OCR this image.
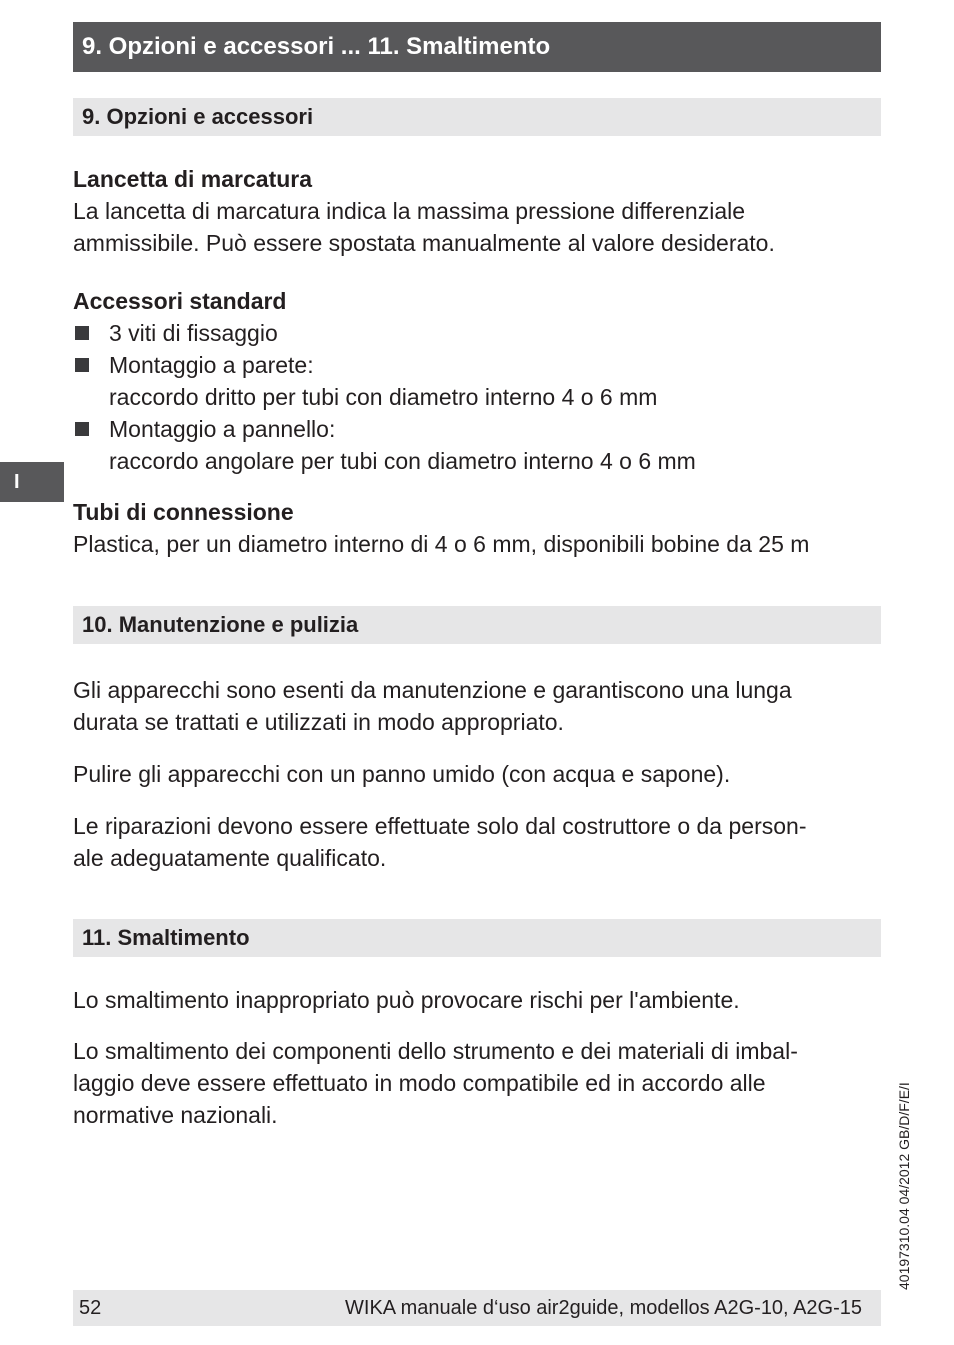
9. Opzioni e accessori ... 11. Smaltimento
9. Opzioni e accessori
Lancetta di marcatura
La lancetta di marcatura indica la massima pressione differenziale
ammissibile. Può essere spostata manualmente al valore desiderato.
Accessori standard
3 viti di fissaggio
Montaggio a parete:
raccordo dritto per tubi con diametro interno 4 o 6 mm
Montaggio a pannello:
raccordo angolare per tubi con diametro interno 4 o 6 mm
Tubi di connessione
Plastica, per un diametro interno di 4 o 6 mm, disponibili bobine da 25 m
10. Manutenzione e pulizia
Gli apparecchi sono esenti da manutenzione e garantiscono una lunga
durata se trattati e utilizzati in modo appropriato.
Pulire gli apparecchi con un panno umido (con acqua e sapone).
Le riparazioni devono essere effettuate solo dal costruttore o da person-
ale adeguatamente qualificato.
11. Smaltimento
Lo smaltimento inappropriato può provocare rischi per l'ambiente.
Lo smaltimento dei componenti dello strumento e dei materiali di imbal-
laggio deve essere effettuato in modo compatibile ed in accordo alle
normative nazionali.
I
40197310.04 04/2012 GB/D/F/E/I
52	WIKA manuale d‘uso air2guide, modellos A2G-10, A2G-15
